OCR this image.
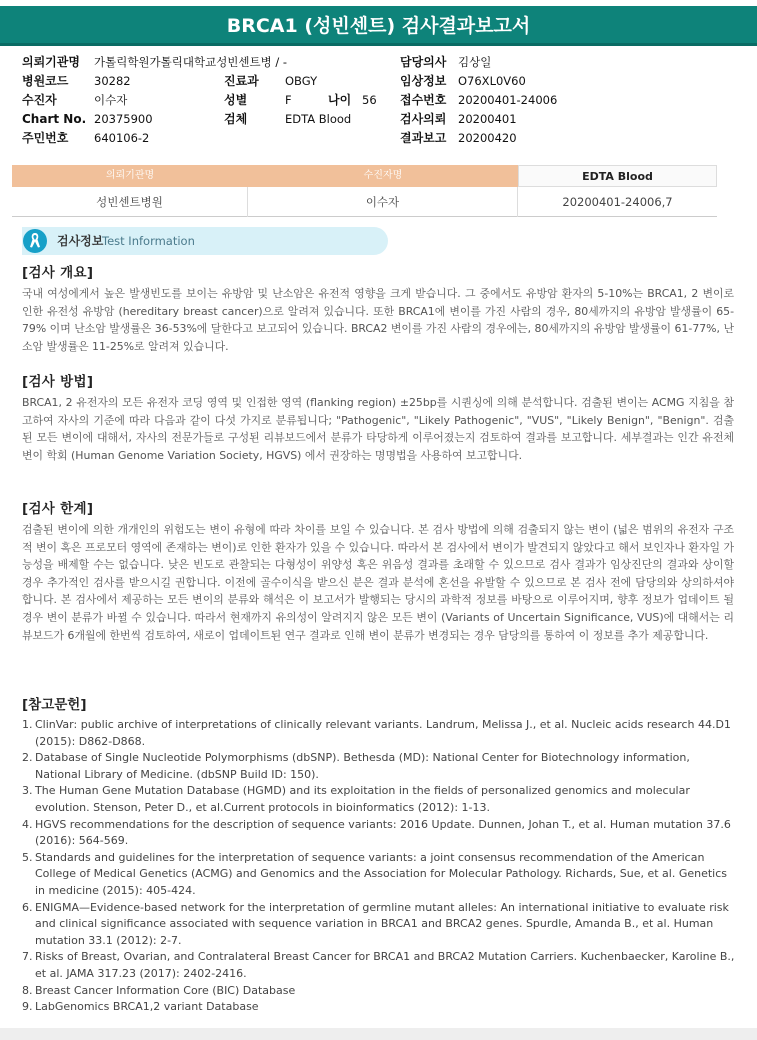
BRCA1 (성빈센트) 검사결과보고서
의뢰기관명 가톨릭학원가톨릭대학교성빈센트병 / -	담당의사 김상일
병원코드 30282	진료과 OBGY	임상정보 O76XL0V60
수진자	이수자	성별	F	나이 56 접수번호 20200401-24006
Chart No. 20375900	검체	EDTA Blood	검사의뢰 20200401
주민번호 640106-2	결과보고 20200420
의뢰기관명	수진자명	EDTA Blood
성빈센트병원	이수자	20200401-24006,7
검사정보
Test Information
[검사 개요]

국내 여성에게서 높은 발생빈도를 보이는 유방암 및 난소암은 유전적 영향을 크게 받습니다. 그 중에서도 유방암 환자의 5-10%는 BRCA1, 2 변이로 인한 유전성 유방암 (hereditary breast cancer)으로 알려져 있습니다. 또한 BRCA1에 변이를 가진 사람의 경우, 80세까지의 유방암 발생률이 65-79% 이며 난소암 발생률은 36-53%에 달한다고 보고되어 있습니다. BRCA2 변이를 가진 사람의 경우에는, 80세까지의 유방암 발생률이 61-77%, 난소암 발생률은 11-25%로 알려져 있습니다.

[검사 방법]

BRCA1, 2 유전자의 모든 유전자 코딩 영역 및 인접한 영역 (flanking region) ±25bp를 시퀀싱에 의해 분석합니다. 검출된 변이는 ACMG 지침을 참고하여 자사의 기준에 따라 다음과 같이 다섯 가지로 분류됩니다; "Pathogenic", "Likely Pathogenic", "VUS", "Likely Benign", "Benign". 검출된 모든 변이에 대해서, 자사의 전문가들로 구성된 리뷰보드에서 분류가 타당하게 이루어졌는지 검토하여 결과를 보고합니다. 세부결과는 인간 유전체 변이 학회 (Human Genome Variation Society, HGVS) 에서 권장하는 명명법을 사용하여 보고합니다.

[검사 한계]

검출된 변이에 의한 개개인의 위험도는 변이 유형에 따라 차이를 보일 수 있습니다. 본 검사 방법에 의해 검출되지 않는 변이 (넓은 범위의 유전자 구조적 변이 혹은 프로모터 영역에 존재하는 변이)로 인한 환자가 있을 수 있습니다. 따라서 본 검사에서 변이가 발견되지 않았다고 해서 보인자나 환자일 가능성을 배제할 수는 없습니다. 낮은 빈도로 관찰되는 다형성이 위양성 혹은 위음성 결과를 초래할 수 있으므로 검사 결과가 임상진단의 결과와 상이할 경우 추가적인 검사를 받으시길 권합니다. 이전에 골수이식을 받으신 분은 결과 분석에 혼선을 유발할 수 있으므로 본 검사 전에 담당의와 상의하셔야 합니다. 본 검사에서 제공하는 모든 변이의 분류와 해석은 이 보고서가 발행되는 당시의 과학적 정보를 바탕으로 이루어지며, 향후 정보가 업데이트 될 경우 변이 분류가 바뀔 수 있습니다. 따라서 현재까지 유의성이 알려지지 않은 모든 변이 (Variants of Uncertain Significance, VUS)에 대해서는 리뷰보드가 6개월에 한번씩 검토하여, 새로이 업데이트된 연구 결과로 인해 변이 분류가 변경되는 경우 담당의를 통하여 이 정보를 추가 제공합니다.

[참고문헌]
1. ClinVar: public archive of interpretations of clinically relevant variants. Landrum, Melissa J., et al. Nucleic acids research 44.D1 (2015): D862-D868.
2. Database of Single Nucleotide Polymorphisms (dbSNP). Bethesda (MD): National Center for Biotechnology information, National Library of Medicine. (dbSNP Build ID: 150).
3. The Human Gene Mutation Database (HGMD) and its exploitation in the fields of personalized genomics and molecular evolution. Stenson, Peter D., et al.Current protocols in bioinformatics (2012): 1-13.
4. HGVS recommendations for the description of sequence variants: 2016 Update. Dunnen, Johan T., et al. Human mutation 37.6 (2016): 564-569.
5. Standards and guidelines for the interpretation of sequence variants: a joint consensus recommendation of the American College of Medical Genetics (ACMG) and Genomics and the Association for Molecular Pathology. Richards, Sue, et al. Genetics in medicine (2015): 405-424.
6. ENIGMA—Evidence-based network for the interpretation of germline mutant alleles: An international initiative to evaluate risk and clinical significance associated with sequence variation in BRCA1 and BRCA2 genes. Spurdle, Amanda B., et al. Human mutation 33.1 (2012): 2-7.
7. Risks of Breast, Ovarian, and Contralateral Breast Cancer for BRCA1 and BRCA2 Mutation Carriers. Kuchenbaecker, Karoline B., et al. JAMA 317.23 (2017): 2402-2416.
8. Breast Cancer Information Core (BIC) Database
9. LabGenomics BRCA1,2 variant Database
